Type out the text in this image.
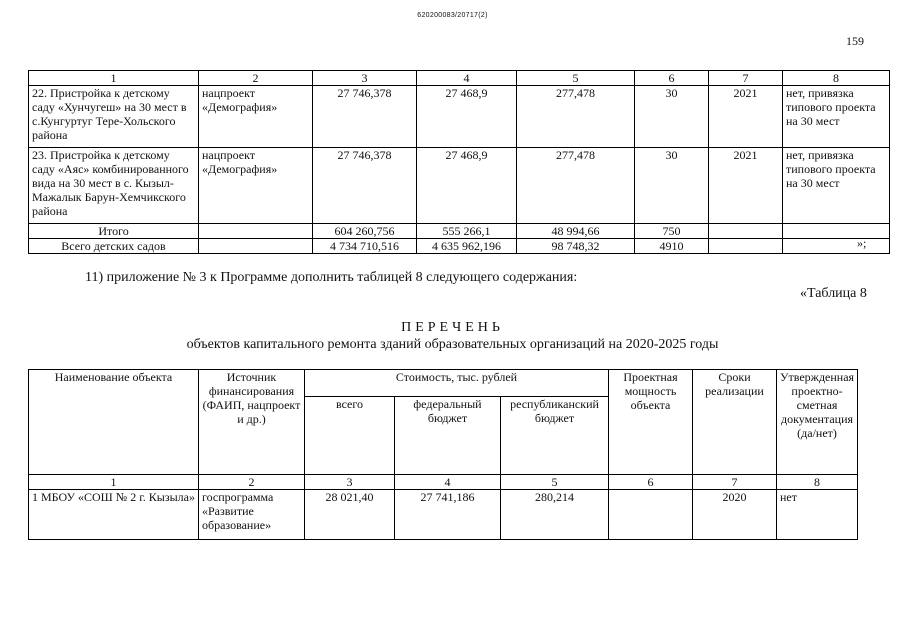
620200083/20717(2)
159
1	2	3	4	5	6	7	8
22. Пристройка к детскому саду «Хунчугеш» на 30 мест в с.Кунгуртуг Тере-Хольского района	нацпроект «Демография»	27 746,378	27 468,9	277,478	30	2021	нет, привязка типового проекта на 30 мест
23. Пристройка к детскому саду «Аяс» комбинированного вида на 30 мест в с. Кызыл-Мажалык Барун-Хемчикского района	нацпроект «Демография»	27 746,378	27 468,9	277,478	30	2021	нет, привязка типового проекта на 30 мест
Итого		604 260,756	555 266,1	48 994,66	750		
Всего детских садов		4 734 710,516	4 635 962,196	98 748,32	4910			»;
11) приложение № 3 к Программе дополнить таблицей 8 следующего содержания:
«Таблица 8
ПЕРЕЧЕНЬ
объектов капитального ремонта зданий образовательных организаций на 2020-2025 годы
Наименование объекта	Источник финансирования (ФАИП, нацпроект и др.)	Стоимость, тыс. рублей			Проектная мощность объекта	Сроки реализации	Утвержденная проектно-сметная документация (да/нет)
		всего	федеральный бюджет	республиканский бюджет			
1	2	3	4	5	6	7	8
1 МБОУ «СОШ № 2 г. Кызыла»	госпрограмма «Развитие образование»	28 021,40	27 741,186	280,214		2020	нет
